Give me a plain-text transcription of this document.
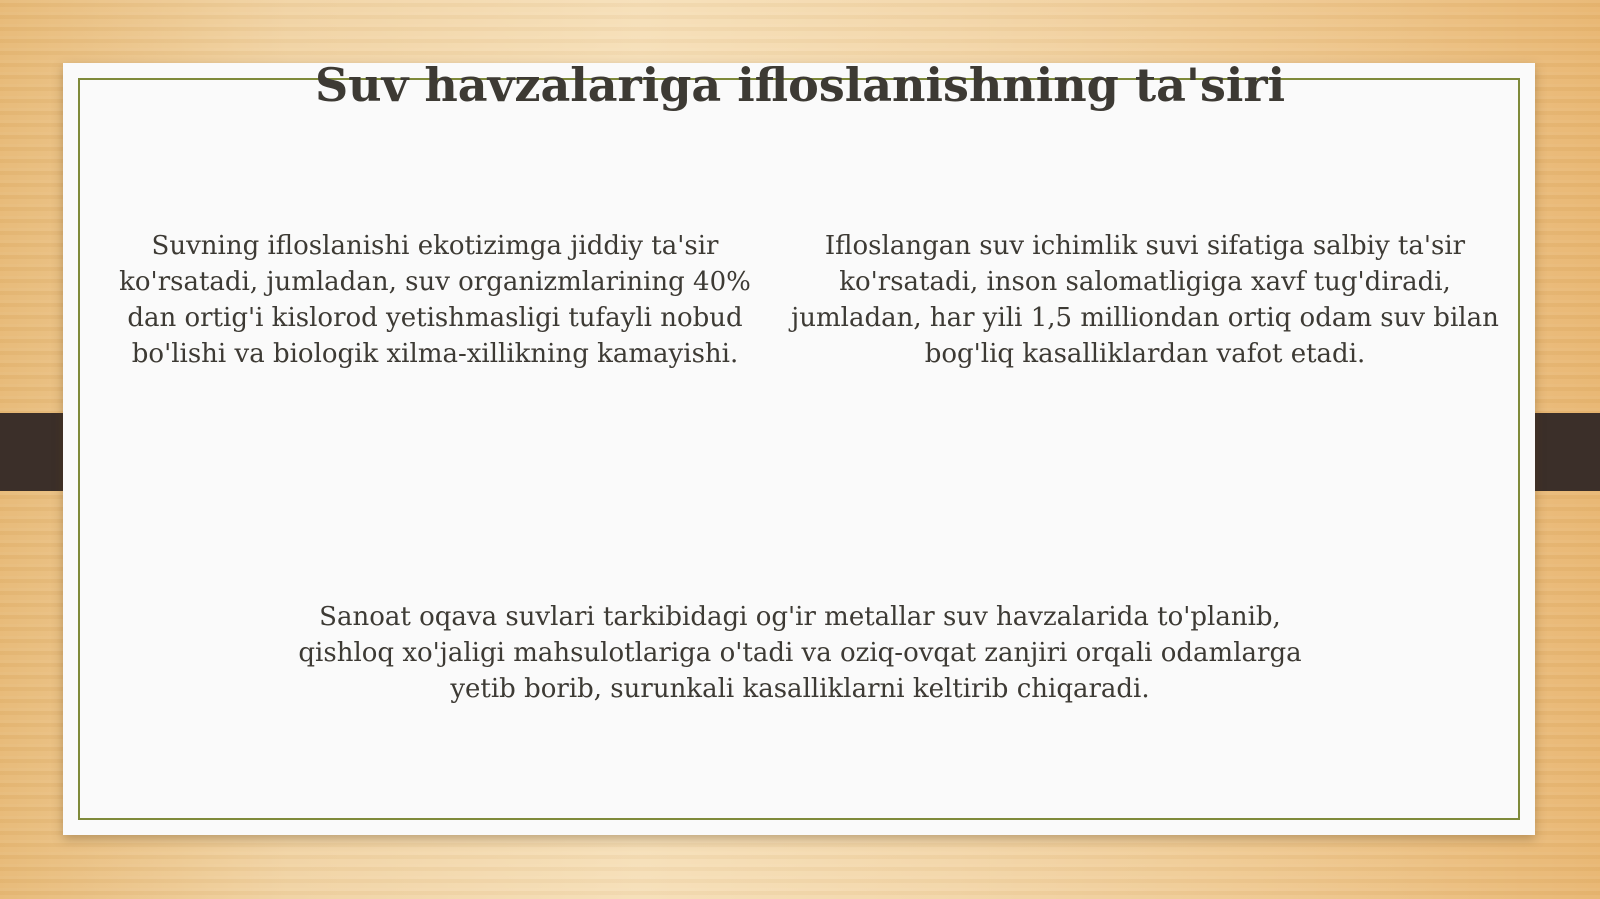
Suv havzalariga ifloslanishning ta'siri

Suvning ifloslanishi ekotizimga jiddiy ta'sir ko'rsatadi, jumladan, suv organizmlarining 40% dan ortig'i kislorod yetishmasligi tufayli nobud bo'lishi va biologik xilma-xillikning kamayishi.

Ifloslangan suv ichimlik suvi sifatiga salbiy ta'sir ko'rsatadi, inson salomatligiga xavf tug'diradi, jumladan, har yili 1,5 milliondan ortiq odam suv bilan bog'liq kasalliklardan vafot etadi.

Sanoat oqava suvlari tarkibidagi og'ir metallar suv havzalarida to'planib, qishloq xo'jaligi mahsulotlariga o'tadi va oziq-ovqat zanjiri orqali odamlarga yetib borib, surunkali kasalliklarni keltirib chiqaradi.
